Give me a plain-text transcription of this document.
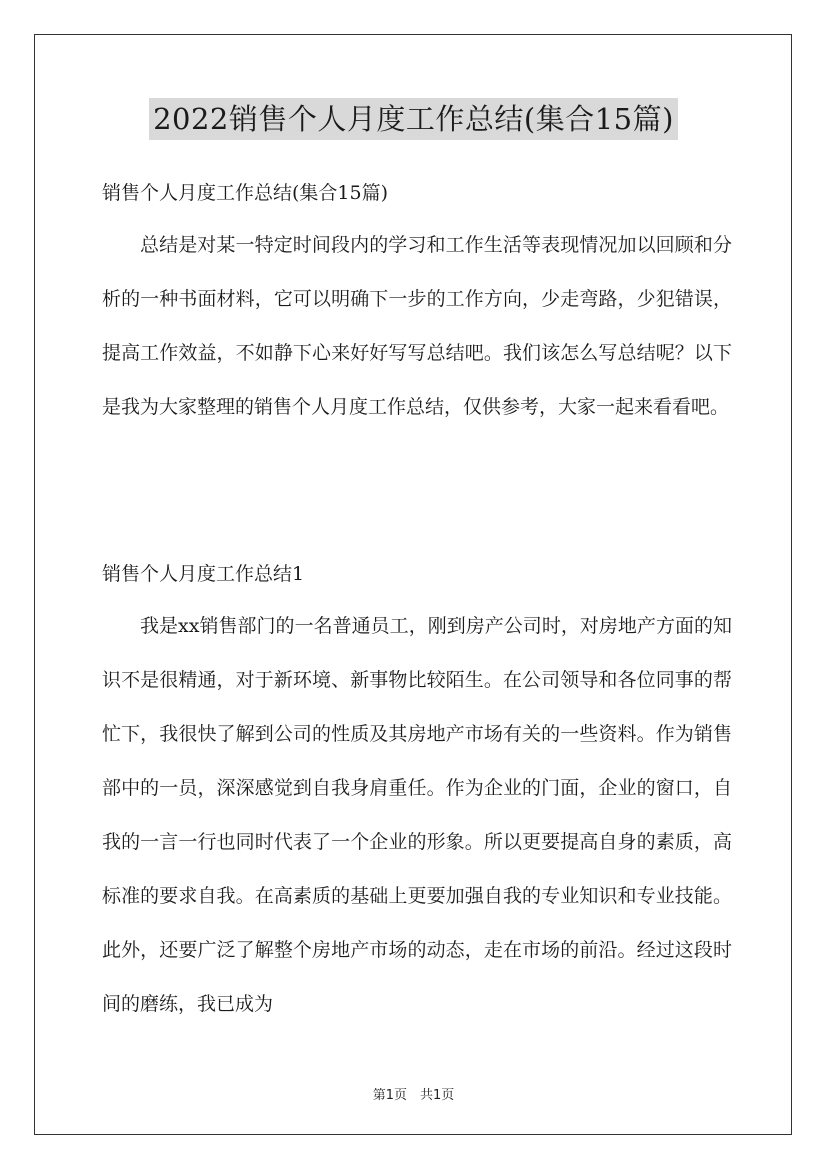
2022销售个人月度工作总结(集合15篇)

销售个人月度工作总结(集合15篇)

总结是对某一特定时间段内的学习和工作生活等表现情况加以回顾和分析的一种书面材料，它可以明确下一步的工作方向，少走弯路，少犯错误，提高工作效益，不如静下心来好好写写总结吧。我们该怎么写总结呢？以下是我为大家整理的销售个人月度工作总结，仅供参考，大家一起来看看吧。

销售个人月度工作总结1

我是xx销售部门的一名普通员工，刚到房产公司时，对房地产方面的知识不是很精通，对于新环境、新事物比较陌生。在公司领导和各位同事的帮忙下，我很快了解到公司的性质及其房地产市场有关的一些资料。作为销售部中的一员，深深感觉到自我身肩重任。作为企业的门面，企业的窗口，自我的一言一行也同时代表了一个企业的形象。所以更要提高自身的素质，高标准的要求自我。在高素质的基础上更要加强自我的专业知识和专业技能。此外，还要广泛了解整个房地产市场的动态，走在市场的前沿。经过这段时间的磨练，我已成为

第1页　共1页
